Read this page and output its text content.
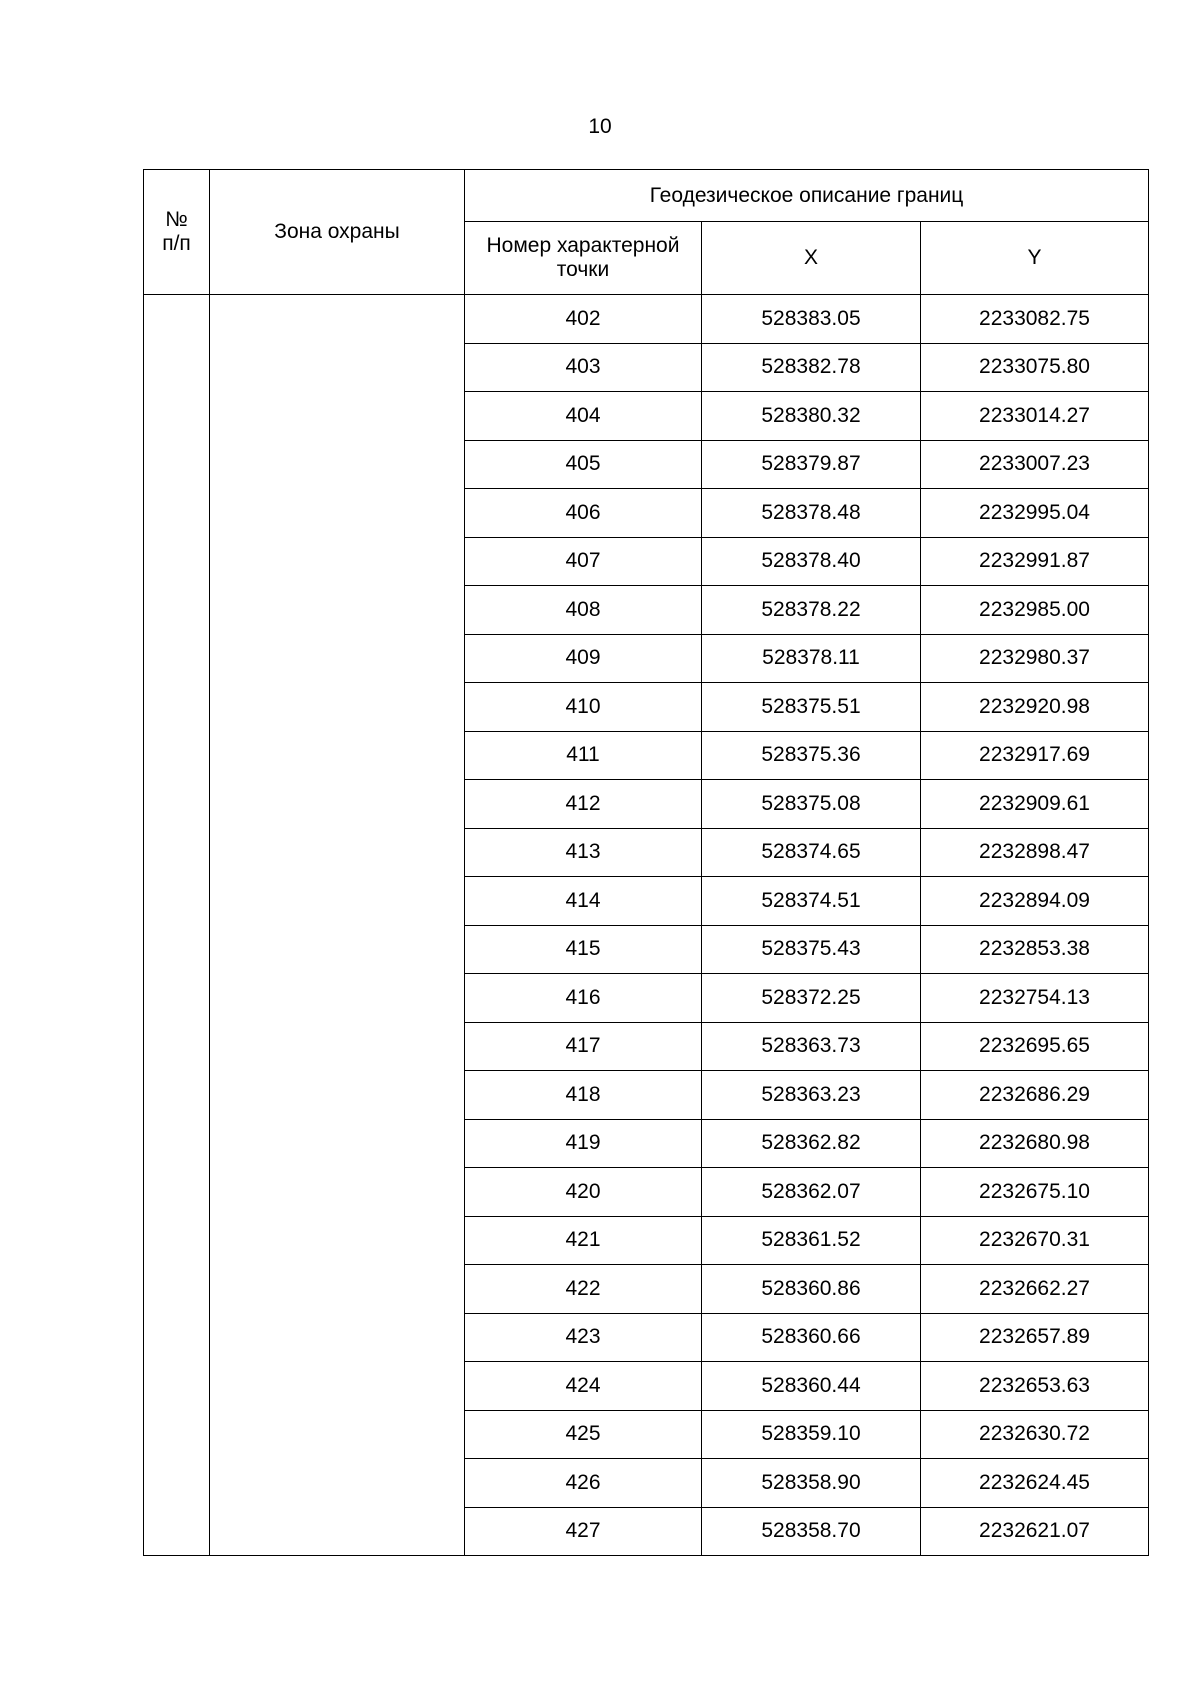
10
№ п/п	Зона охраны	Геодезическое описание границ		
		Номер характерной точки	X	Y
		402	528383.05	2233082.75
		403	528382.78	2233075.80
		404	528380.32	2233014.27
		405	528379.87	2233007.23
		406	528378.48	2232995.04
		407	528378.40	2232991.87
		408	528378.22	2232985.00
		409	528378.11	2232980.37
		410	528375.51	2232920.98
		411	528375.36	2232917.69
		412	528375.08	2232909.61
		413	528374.65	2232898.47
		414	528374.51	2232894.09
		415	528375.43	2232853.38
		416	528372.25	2232754.13
		417	528363.73	2232695.65
		418	528363.23	2232686.29
		419	528362.82	2232680.98
		420	528362.07	2232675.10
		421	528361.52	2232670.31
		422	528360.86	2232662.27
		423	528360.66	2232657.89
		424	528360.44	2232653.63
		425	528359.10	2232630.72
		426	528358.90	2232624.45
		427	528358.70	2232621.07
